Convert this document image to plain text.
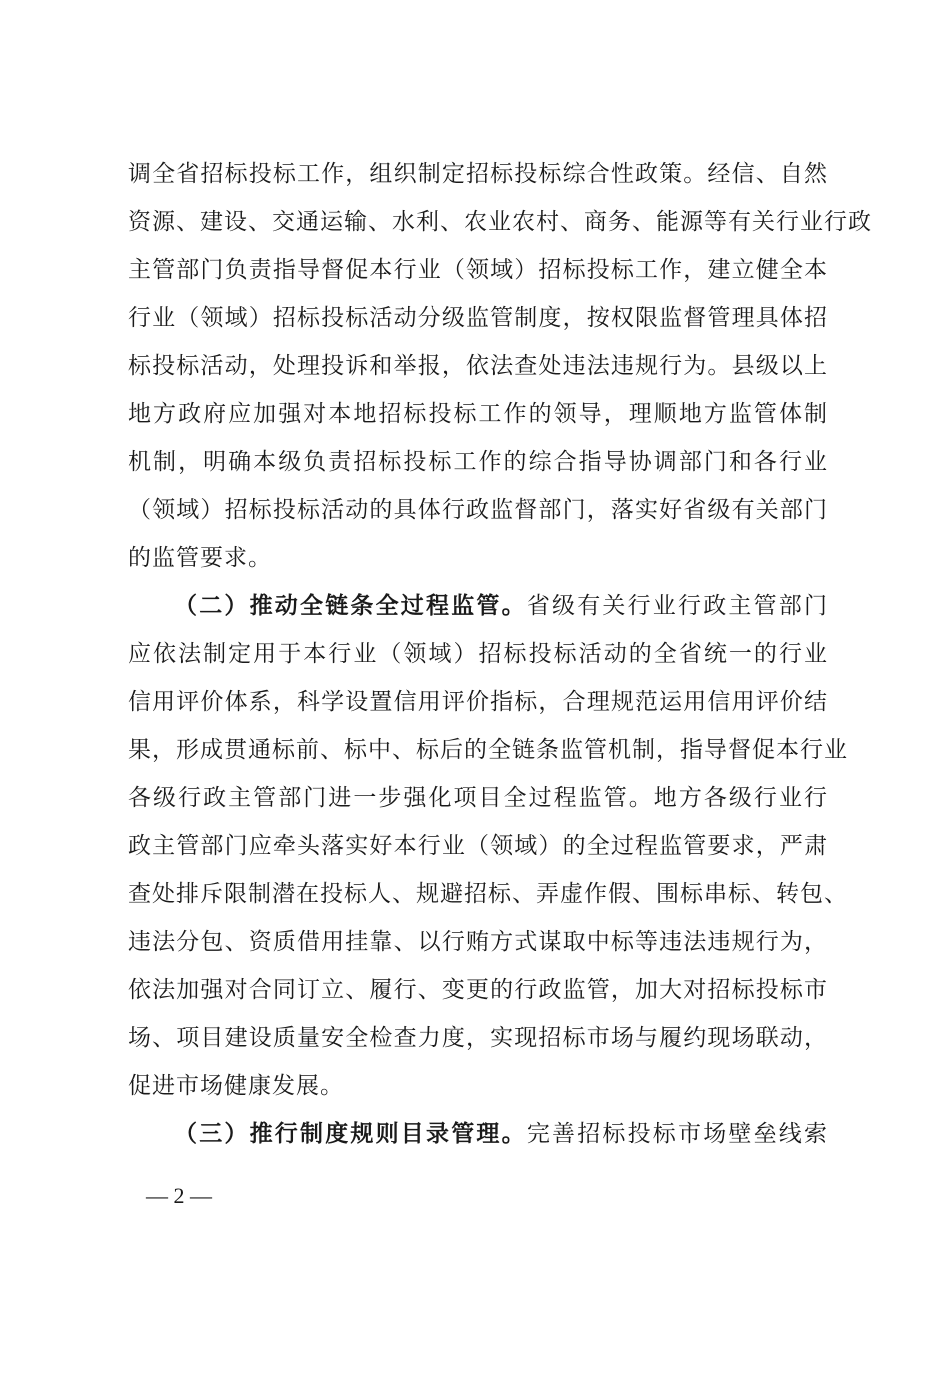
调全省招标投标工作，组织制定招标投标综合性政策。经信、自然
资源、建设、交通运输、水利、农业农村、商务、能源等有关行业行政
主管部门负责指导督促本行业（领域）招标投标工作，建立健全本
行业（领域）招标投标活动分级监管制度，按权限监督管理具体招
标投标活动，处理投诉和举报，依法查处违法违规行为。县级以上
地方政府应加强对本地招标投标工作的领导，理顺地方监管体制
机制，明确本级负责招标投标工作的综合指导协调部门和各行业
（领域）招标投标活动的具体行政监督部门，落实好省级有关部门
的监管要求。
（二）推动全链条全过程监管。省级有关行业行政主管部门
应依法制定用于本行业（领域）招标投标活动的全省统一的行业
信用评价体系，科学设置信用评价指标，合理规范运用信用评价结
果，形成贯通标前、标中、标后的全链条监管机制，指导督促本行业
各级行政主管部门进一步强化项目全过程监管。地方各级行业行
政主管部门应牵头落实好本行业（领域）的全过程监管要求，严肃
查处排斥限制潜在投标人、规避招标、弄虚作假、围标串标、转包、
违法分包、资质借用挂靠、以行贿方式谋取中标等违法违规行为，
依法加强对合同订立、履行、变更的行政监管，加大对招标投标市
场、项目建设质量安全检查力度，实现招标市场与履约现场联动，
促进市场健康发展。
（三）推行制度规则目录管理。完善招标投标市场壁垒线索
— 2 —
